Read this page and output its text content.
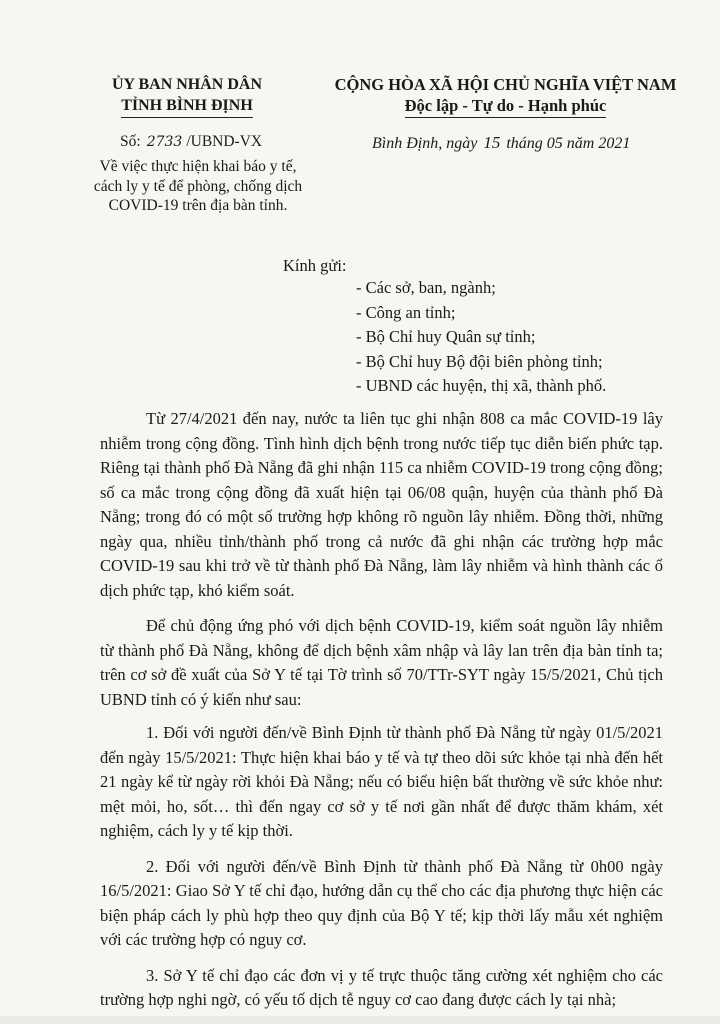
ỦY BAN NHÂN DÂN
TỈNH BÌNH ĐỊNH
CỘNG HÒA XÃ HỘI CHỦ NGHĨA VIỆT NAM
Độc lập - Tự do - Hạnh phúc
Số: 2733 /UBND-VX	Bình Định, ngày 15 tháng 05 năm 2021
Về việc thực hiện khai báo y tế, cách ly y tế để phòng, chống dịch COVID-19 trên địa bàn tỉnh.
Kính gửi:
- Các sở, ban, ngành;
- Công an tỉnh;
- Bộ Chỉ huy Quân sự tỉnh;
- Bộ Chỉ huy Bộ đội biên phòng tỉnh;
- UBND các huyện, thị xã, thành phố.

Từ 27/4/2021 đến nay, nước ta liên tục ghi nhận 808 ca mắc COVID-19 lây nhiễm trong cộng đồng. Tình hình dịch bệnh trong nước tiếp tục diễn biến phức tạp. Riêng tại thành phố Đà Nẵng đã ghi nhận 115 ca nhiễm COVID-19 trong cộng đồng; số ca mắc trong cộng đồng đã xuất hiện tại 06/08 quận, huyện của thành phố Đà Nẵng; trong đó có một số trường hợp không rõ nguồn lây nhiễm. Đồng thời, những ngày qua, nhiều tỉnh/thành phố trong cả nước đã ghi nhận các trường hợp mắc COVID-19 sau khi trở về từ thành phố Đà Nẵng, làm lây nhiễm và hình thành các ổ dịch phức tạp, khó kiểm soát.

Để chủ động ứng phó với dịch bệnh COVID-19, kiểm soát nguồn lây nhiễm từ thành phố Đà Nẵng, không để dịch bệnh xâm nhập và lây lan trên địa bàn tỉnh ta; trên cơ sở đề xuất của Sở Y tế tại Tờ trình số 70/TTr-SYT ngày 15/5/2021, Chủ tịch UBND tỉnh có ý kiến như sau:

1. Đối với người đến/về Bình Định từ thành phố Đà Nẵng từ ngày 01/5/2021 đến ngày 15/5/2021: Thực hiện khai báo y tế và tự theo dõi sức khỏe tại nhà đến hết 21 ngày kể từ ngày rời khỏi Đà Nẵng; nếu có biểu hiện bất thường về sức khỏe như: mệt mỏi, ho, sốt… thì đến ngay cơ sở y tế nơi gần nhất để được thăm khám, xét nghiệm, cách ly y tế kịp thời.

2. Đối với người đến/về Bình Định từ thành phố Đà Nẵng từ 0h00 ngày 16/5/2021: Giao Sở Y tế chỉ đạo, hướng dẫn cụ thể cho các địa phương thực hiện các biện pháp cách ly phù hợp theo quy định của Bộ Y tế; kịp thời lấy mẫu xét nghiệm với các trường hợp có nguy cơ.

3. Sở Y tế chỉ đạo các đơn vị y tế trực thuộc tăng cường xét nghiệm cho các trường hợp nghi ngờ, có yếu tố dịch tễ nguy cơ cao đang được cách ly tại nhà;
